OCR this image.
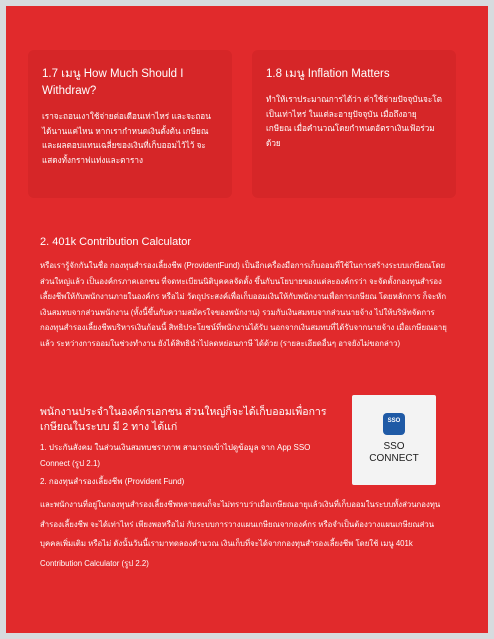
1.7 เมนู How Much Should I Withdraw?

เราจะถอนเงาใช้จ่ายต่อเดือนเท่าไหร่ และจะถอนได้นานแค่ไหน หากเรากำหนดเงินตั้งต้น เกษียณและผลตอบแทนเฉลี่ยของเงินที่เก็บออมไว้ไว้ จะแสดงทั้งกราฟแท่งและตาราง

1.8 เมนู Inflation Matters

ทำให้เราประมาณการได้ว่า ค่าใช้จ่ายปัจจุบันจะโตเป็นเท่าไหร่ ในแต่ละอายุปัจจุบัน เมื่อถึงอายุเกษียณ เมื่อคำนวณโดยกำหนดอัตราเงินเฟ้อร่วมด้วย

2. 401k Contribution Calculator

หรือเรารู้จักกันในชื่อ กองทุนสำรองเลี้ยงชีพ (ProvidentFund) เป็นอีกเครื่องมือการเก็บออมที่ใช้ในการสร้างระบบเกษียณโดยส่วนใหญ่แล้ว เป็นองค์กรภาคเอกชน ที่จดทะเบียนนิติบุคคลจัดตั้ง ขึ้นกับนโยบายของแต่ละองค์กรว่า จะจัดตั้งกองทุนสำรองเลี้ยงชีพให้กับพนักงานภายในองค์กร หรือไม่ วัตถุประสงค์เพื่อเก็บออมเงินให้กับพนักงานเพื่อการเกษียณ โดยหลักการ ก็จะหักเงินสมทบจากส่วนพนักงาน (ทั้งนี้ขึ้นกับความสมัครใจของพนักงาน) รวมกับเงินสมทบจากส่วนนายจ้าง ไปให้บริษัทจัดการกองทุนสำรองเลี้ยงชีพบริหารเงินก้อนนี้ สิทธิประโยชน์ที่พนักงานได้รับ นอกจากเงินสมทบที่ได้รับจากนายจ้าง เมื่อเกษียณอายุแล้ว ระหว่างการออมในช่วงทำงาน ยังได้สิทธินำไปลดหย่อนภาษี ได้ด้วย (รายละเอียดอื่นๆ อาจยังไม่ขอกล่าว)

พนักงานประจำในองค์กรเอกชน ส่วนใหญ่ก็จะได้เก็บออมเพื่อการเกษียณในระบบ มี 2 ทาง ได้แก่

1. ประกันสังคม ในส่วนเงินสมทบชราภาพ สามารถเข้าไปดูข้อมูล จาก App SSO Connect (รูป 2.1)

2. กองทุนสำรองเลี้ยงชีพ (Provident Fund)

และพนักงานที่อยู่ในกองทุนสำรองเลี้ยงชีพหลายคนก็จะไม่ทราบว่าเมื่อเกษียณอายุแล้วเงินที่เก็บออมในระบบทั้งส่วนกองทุนสำรองเลี้ยงชีพ จะได้เท่าไหร่ เพียงพอหรือไม่ กับระบบการวางแผนเกษียณจากองค์กร หรือจำเป็นต้องวางแผนเกษียณส่วนบุคคลเพิ่มเติม หรือไม่ ดังนั้นวันนี้เรามาทดลองคำนวณ เงินเก็บที่จะได้จากกองทุนสำรองเลี้ยงชีพ โดยใช้ เมนู 401k Contribution Calculator (รูป 2.2)

SSO
Connect
SSO
CONNECT
